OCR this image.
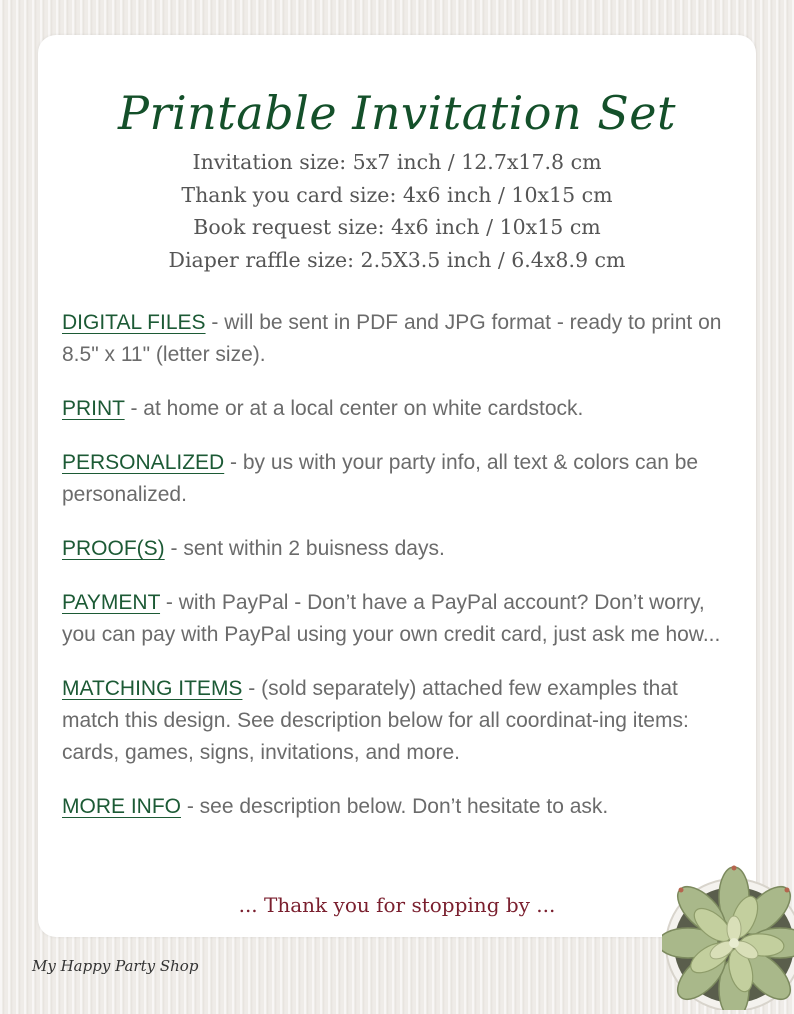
Printable Invitation Set
Invitation size: 5x7 inch / 12.7x17.8 cm
Thank you card size: 4x6 inch / 10x15 cm
Book request size: 4x6 inch / 10x15 cm
Diaper raffle size: 2.5X3.5 inch / 6.4x8.9 cm

DIGITAL FILES - will be sent in PDF and JPG format - ready to print on 8.5" x 11" (letter size).

PRINT - at home or at a local center on white cardstock.

PERSONALIZED - by us with your party info, all text & colors can be personalized.

PROOF(S) - sent within 2 buisness days.

PAYMENT - with PayPal - Don’t have a PayPal account? Don’t worry, you can pay with PayPal using your own credit card, just ask me how...

MATCHING ITEMS - (sold separately) attached few examples that match this design. See description below for all coordinat-ing items: cards, games, signs, invitations, and more.

MORE INFO - see description below. Don’t hesitate to ask.

... Thank you for stopping by ...
My Happy Party Shop
